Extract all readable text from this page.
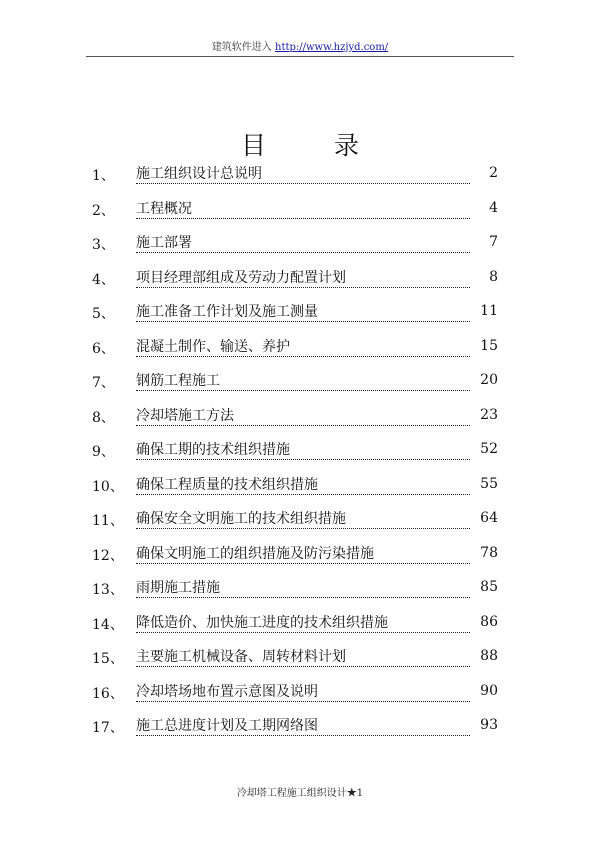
建筑软件进入 http://www.hzjyd.com/
目 录
1、 施工组织设计总说明	2
2、 工程概况	4
3、 施工部署	7
4、 项目经理部组成及劳动力配置计划	8
5、 施工准备工作计划及施工测量	11
6、 混凝土制作、输送、养护	15
7、 钢筋工程施工	20
8、 冷却塔施工方法	23
9、 确保工期的技术组织措施	52
10、 确保工程质量的技术组织措施	55
11、 确保安全文明施工的技术组织措施	64
12、 确保文明施工的组织措施及防污染措施	78
13、 雨期施工措施	85
14、 降低造价、加快施工进度的技术组织措施	86
15、 主要施工机械设备、周转材料计划	88
16、 冷却塔场地布置示意图及说明	90
17、 施工总进度计划及工期网络图	93
冷却塔工程施工组织设计★1
